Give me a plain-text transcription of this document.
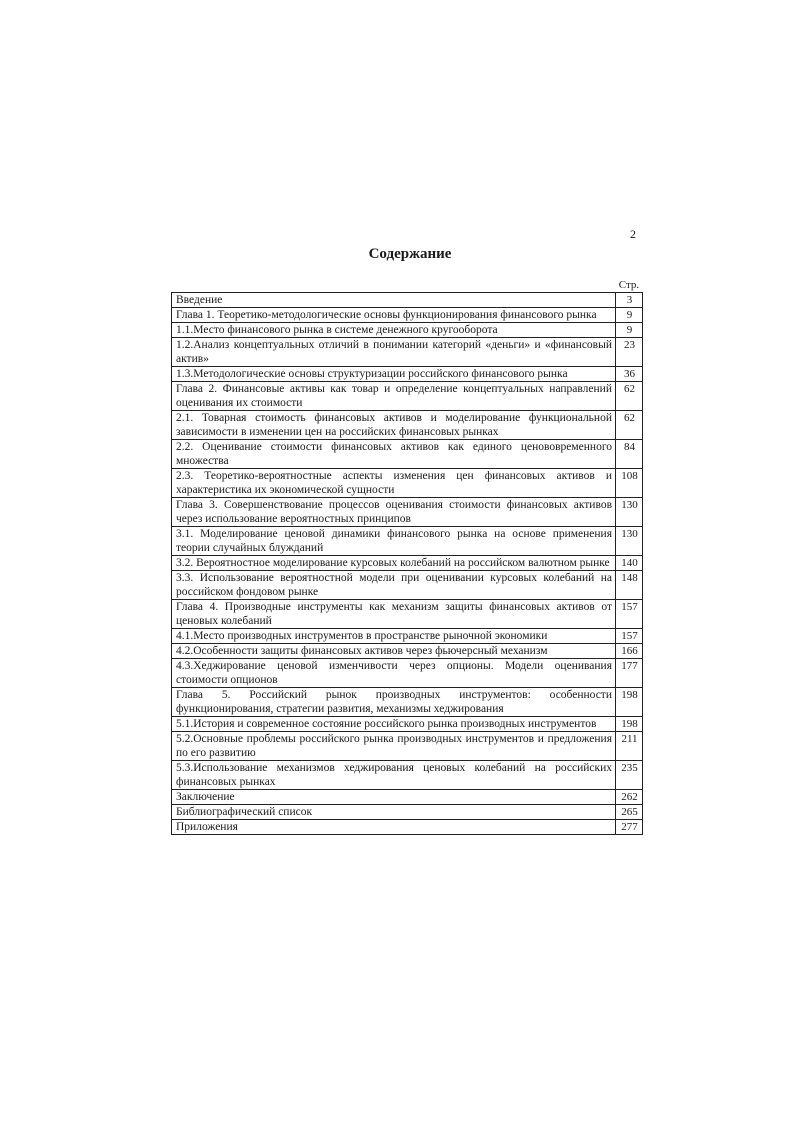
2
Содержание
Стр.
Введение	3
Глава 1. Теоретико-методологические основы функционирования финансового рынка	9
1.1.Место финансового рынка в системе денежного кругооборота	9
1.2.Анализ концептуальных отличий в понимании категорий «деньги» и «финансовый актив»	23
1.3.Методологические основы структуризации российского финансового рынка	36
Глава 2. Финансовые активы как товар и определение концептуальных направлений оценивания их стоимости	62
2.1. Товарная стоимость финансовых активов и моделирование функциональной зависимости в изменении цен на российских финансовых рынках	62
2.2. Оценивание стоимости финансовых активов как единого ценововременного множества	84
2.3. Теоретико-вероятностные аспекты изменения цен финансовых активов и характеристика их экономической сущности	108
Глава 3. Совершенствование процессов оценивания стоимости финансовых активов через использование вероятностных принципов	130
3.1. Моделирование ценовой динамики финансового рынка на основе применения теории случайных блужданий	130
3.2. Вероятностное моделирование курсовых колебаний на российском валютном рынке	140
3.3. Использование вероятностной модели при оценивании курсовых колебаний на российском фондовом рынке	148
Глава 4. Производные инструменты как механизм защиты финансовых активов от ценовых колебаний	157
4.1.Место производных инструментов в пространстве рыночной экономики	157
4.2.Особенности защиты финансовых активов через фьючерсный механизм	166
4.3.Хеджирование ценовой изменчивости через опционы. Модели оценивания стоимости опционов	177
Глава 5. Российский рынок производных инструментов: особенности функционирования, стратегии развития, механизмы хеджирования	198
5.1.История и современное состояние российского рынка производных инструментов	198
5.2.Основные проблемы российского рынка производных инструментов и предложения по его развитию	211
5.3.Использование механизмов хеджирования ценовых колебаний на российских финансовых рынках	235
Заключение	262
Библиографический список	265
Приложения	277
